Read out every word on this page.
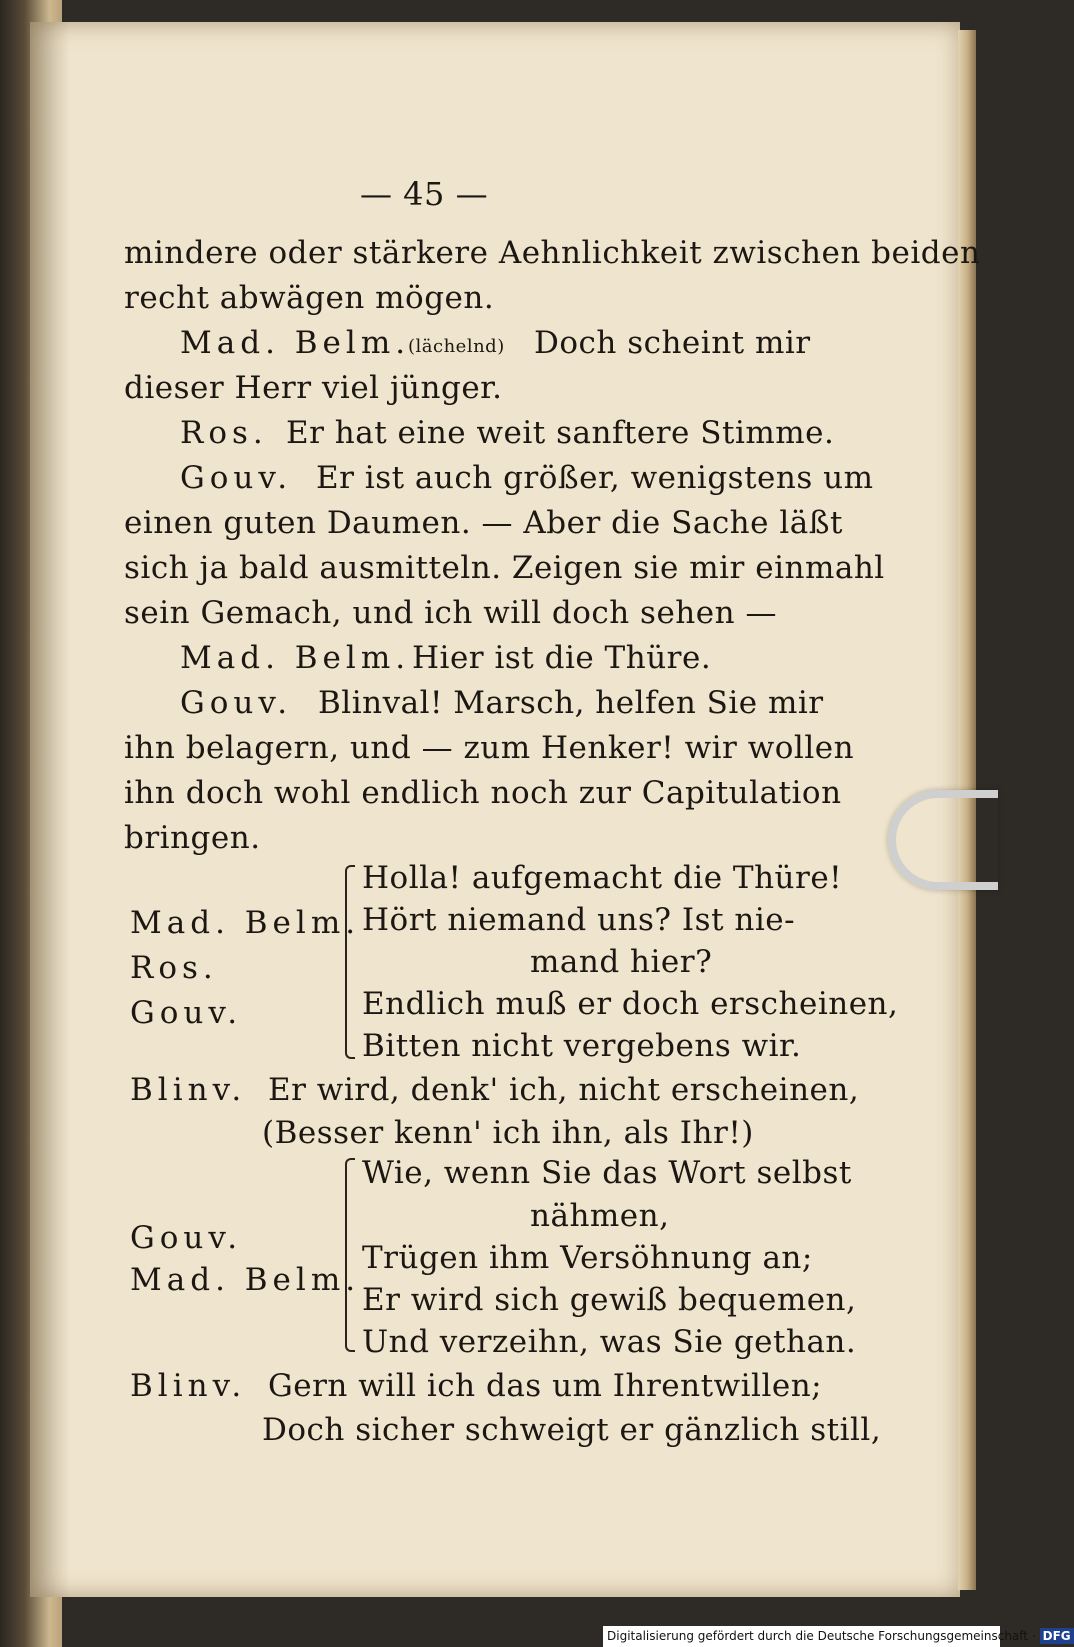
— 45 —
mindere oder stärkere Aehnlichkeit zwischen beiden
recht abwägen mögen.
Mad. Belm.
(lächelnd) Doch scheint mir
dieser Herr viel jünger.
Ros. Er hat eine weit sanftere Stimme.
Gouv. Er ist auch größer, wenigstens um
einen guten Daumen. — Aber die Sache läßt
sich ja bald ausmitteln. Zeigen sie mir einmahl
sein Gemach, und ich will doch sehen —
Mad. Belm. Hier ist die Thüre.
Gouv. Blinval! Marsch, helfen Sie mir
ihn belagern, und — zum Henker! wir wollen
ihn doch wohl endlich noch zur Capitulation
bringen.
Mad. Belm.
Ros.
Gouv.
Holla! aufgemacht die Thüre!
Hört niemand uns? Ist nie-
mand hier?
Endlich muß er doch erscheinen,
Bitten nicht vergebens wir.
Blinv. Er wird, denk' ich, nicht erscheinen,
(Besser kenn' ich ihn, als Ihr!)
Gouv.
Mad. Belm.
Wie, wenn Sie das Wort selbst
nähmen,
Trügen ihm Versöhnung an;
Er wird sich gewiß bequemen,
Und verzeihn, was Sie gethan.
Blinv. Gern will ich das um Ihrentwillen;
Doch sicher schweigt er gänzlich still,
Digitalisierung gefördert durch die Deutsche Forschungsgemeinschaft · DFG
